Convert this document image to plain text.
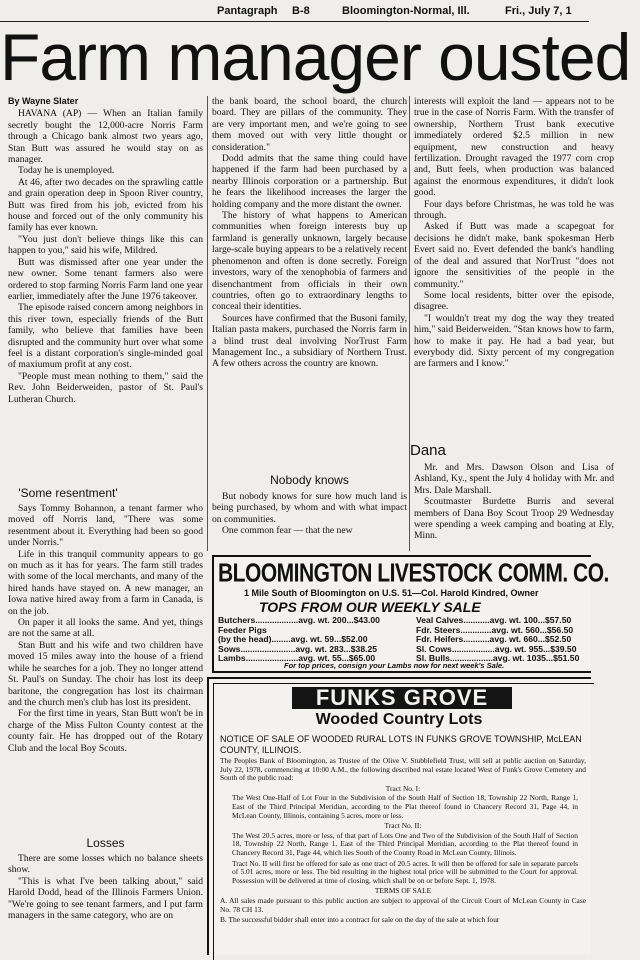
Pantagraph B-8	Bloomington-Normal, Ill.	Fri., July 7, 1
Farm manager ousted

By Wayne Slater

HAVANA (AP) — When an Italian family secretly bought the 12,000-acre Norris Farm through a Chicago bank almost two years ago, Stan Butt was assured he would stay on as manager.

Today he is unemployed.

At 46, after two decades on the sprawling cattle and grain operation deep in Spoon River country, Butt was fired from his job, evicted from his house and forced out of the only community his family has ever known.

"You just don't believe things like this can happen to you," said his wife, Mildred.

Butt was dismissed after one year under the new owner. Some tenant farmers also were ordered to stop farming Norris Farm land one year earlier, immediately after the June 1976 takeover.

The episode raised concern among neighbors in this river town, especially friends of the Butt family, who believe that families have been disrupted and the community hurt over what some feel is a distant corporation's single-minded goal of maxiumum profit at any cost.

"People must mean nothing to them," said the Rev. John Beiderweiden, pastor of St. Paul's Lutheran Church.

'Some resentment'

Says Tommy Bohannon, a tenant farmer who moved off Norris land, "There was some resentment about it. Everything had been so good under Norris."

Life in this tranquil community appears to go on much as it has for years. The farm still trades with some of the local merchants, and many of the hired hands have stayed on. A new manager, an Iowa native hired away from a farm in Canada, is on the job.

On paper it all looks the same. And yet, things are not the same at all.

Stan Butt and his wife and two children have moved 15 miles away into the house of a friend while he searches for a job. They no longer attend St. Paul's on Sunday. The choir has lost its deep baritone, the congregation has lost its chairman and the church men's club has lost its president.

For the first time in years, Stan Butt won't be in charge of the Miss Fulton County contest at the county fair. He has dropped out of the Rotary Club and the local Boy Scouts.

Losses

There are some losses which no balance sheets show.

"This is what I've been talking about," said Harold Dodd, head of the Illinois Farmers Union. "We're going to see tenant farmers, and I put farm managers in the same category, who are on

the bank board, the school board, the church board. They are pillars of the community. They are very important men, and we're going to see them moved out with very little thought or consideration."

Dodd admits that the same thing could have happened if the farm had been purchased by a nearby Illinois corporation or a partnership. But he fears the likelihood increases the larger the holding company and the more distant the owner.

The history of what happens to American communities when foreign interests buy up farmland is generally unknown, largely because large-scale buying appears to be a relatively recent phenomenon and often is done secretly. Foreign investors, wary of the xenophobia of farmers and disenchantment from officials in their own countries, often go to extraordinary lengths to conceal their identities.

Sources have confirmed that the Busoni family, Italian pasta makers, purchased the Norris farm in a blind trust deal involving NorTrust Farm Management Inc., a subsidiary of Northern Trust. A few others across the country are known.

Nobody knows

But nobody knows for sure how much land is being purchased, by whom and with what impact on communities.

One common fear — that the new

interests will exploit the land — appears not to be true in the case of Norris Farm. With the transfer of ownership, Northern Trust bank executive immediately ordered $2.5 million in new equipment, new construction and heavy fertilization. Drought ravaged the 1977 corn crop and, Butt feels, when production was balanced against the enormous expenditures, it didn't look good.

Four days before Christmas, he was told he was through.

Asked if Butt was made a scapegoat for decisions he didn't make, bank spokesman Herb Evert said no. Evert defended the bank's handling of the deal and assured that NorTrust "does not ignore the sensitivities of the people in the community."

Some local residents, bitter over the episode, disagree.

"I wouldn't treat my dog the way they treated him," said Beiderweiden. "Stan knows how to farm, how to make it pay. He had a bad year, but everybody did. Sixty percent of my congregation are farmers and I know."

Dana

Mr. and Mrs. Dawson Olson and Lisa of Ashland, Ky., spent the July 4 holiday with Mr. and Mrs. Dale Marshall.

Scoutmaster Burdette Burris and several members of Dana Boy Scout Troop 29 Wednesday were spending a week camping and boating at Ely, Minn.

BLOOMINGTON LIVESTOCK COMM. CO.
1 Mile South of Bloomington on U.S. 51—Col. Harold Kindred, Owner
TOPS FROM OUR WEEKLY SALE
Butchers..................avg. wt. 200...$43.00
Feeder Pigs
(by the head)........avg. wt. 59...$52.00
Sows.......................avg. wt. 283...$38.25
Lambs......................avg. wt. 55...$65.00
Veal Calves...........avg. wt. 100...$57.50
Fdr. Steers.............avg. wt. 560...$56.50
Fdr. Heifers...........avg. wt. 660...$52.50
Sl. Cows..................avg. wt. 955...$39.50
Sl. Bulls..................avg. wt. 1035...$51.50
For top prices, consign your Lambs now for next week's Sale.
FUNKS GROVE
Wooded Country Lots
NOTICE OF SALE OF WOODED RURAL LOTS IN FUNKS GROVE TOWNSHIP, McLEAN COUNTY, ILLINOIS.

The Peoples Bank of Bloomington, as Trustee of the Olive V. Stubblefield Trust, will sell at public auction on Saturday, July 22, 1978, commencing at 10:00 A.M., the following described real estate located West of Funk's Grove Cemetery and South of the public road:

Tract No. I:

The West One-Half of Lot Four in the Subdivision of the South Half of Section 18, Township 22 North, Range 1, East of the Third Principal Meridian, according to the Plat thereof found in Chancery Record 31, Page 44, in McLean County, Illinois, containing 5 acres, more or less.

Tract No. II:

The West 20.5 acres, more or less, of that part of Lots One and Two of the Subdivision of the South Half of Section 18, Township 22 North, Range 1, East of the Third Principal Meridian, according to the Plat thereof found in Chancery Record 31, Page 44, which lies South of the County Road in McLean County, Illinois.

Tract No. II will first be offered for sale as one tract of 20.5 acres. It will then be offered for sale in separate parcels of 5.01 acres, more or less. The bid resulting in the highest total price will be submitted to the Court for approval. Possession will be delivered at time of closing, which shall be on or before Sept. 1, 1978.

TERMS OF SALE

A. All sales made pursuant to this public auction are subject to approval of the Circuit Court of McLean County in Case No. 78 CH 13.

B. The successful bidder shall enter into a contract for sale on the day of the sale at which four
